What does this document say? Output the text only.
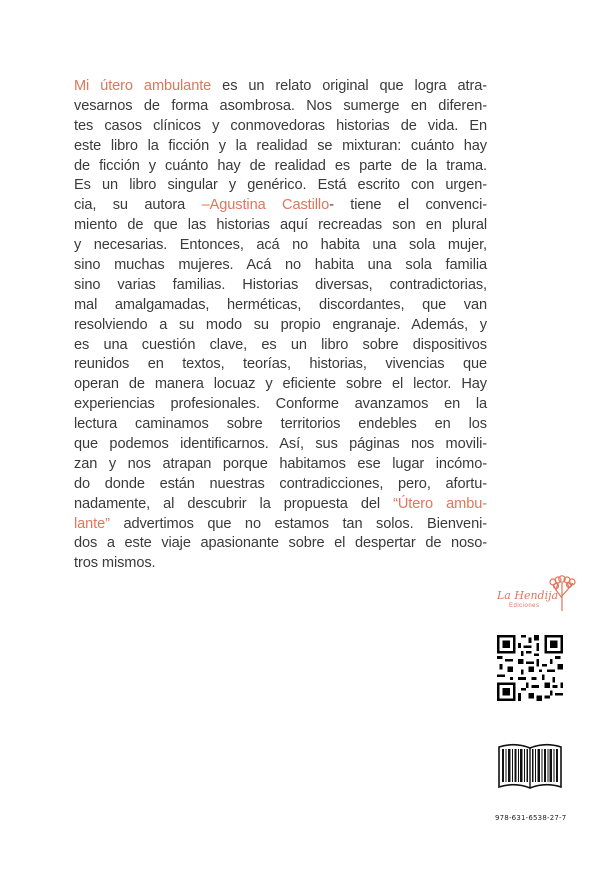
Mi útero ambulante es un relato original que logra atra-
vesarnos de forma asombrosa. Nos sumerge en diferen-
tes casos clínicos y conmovedoras historias de vida. En
este libro la ficción y la realidad se mixturan: cuánto hay
de ficción y cuánto hay de realidad es parte de la trama.
Es un libro singular y genérico. Está escrito con urgen-
cia, su autora –Agustina Castillo- tiene el convenci-
miento de que las historias aquí recreadas son en plural
y necesarias. Entonces, acá no habita una sola mujer,
sino muchas mujeres. Acá no habita una sola familia
sino varias familias. Historias diversas, contradictorias,
mal amalgamadas, herméticas, discordantes, que van
resolviendo a su modo su propio engranaje. Además, y
es una cuestión clave, es un libro sobre dispositivos
reunidos en textos, teorías, historias, vivencias que
operan de manera locuaz y eficiente sobre el lector. Hay
experiencias profesionales. Conforme avanzamos en la
lectura caminamos sobre territorios endebles en los
que podemos identificarnos. Así, sus páginas nos movili-
zan y nos atrapan porque habitamos ese lugar incómo-
do donde están nuestras contradicciones, pero, afortu-
nadamente, al descubrir la propuesta del “Útero ambu-
lante” advertimos que no estamos tan solos. Bienveni-
dos a este viaje apasionante sobre el despertar de noso-
tros mismos.
La Hendija
Ediciones
978-631-6538-27-7
